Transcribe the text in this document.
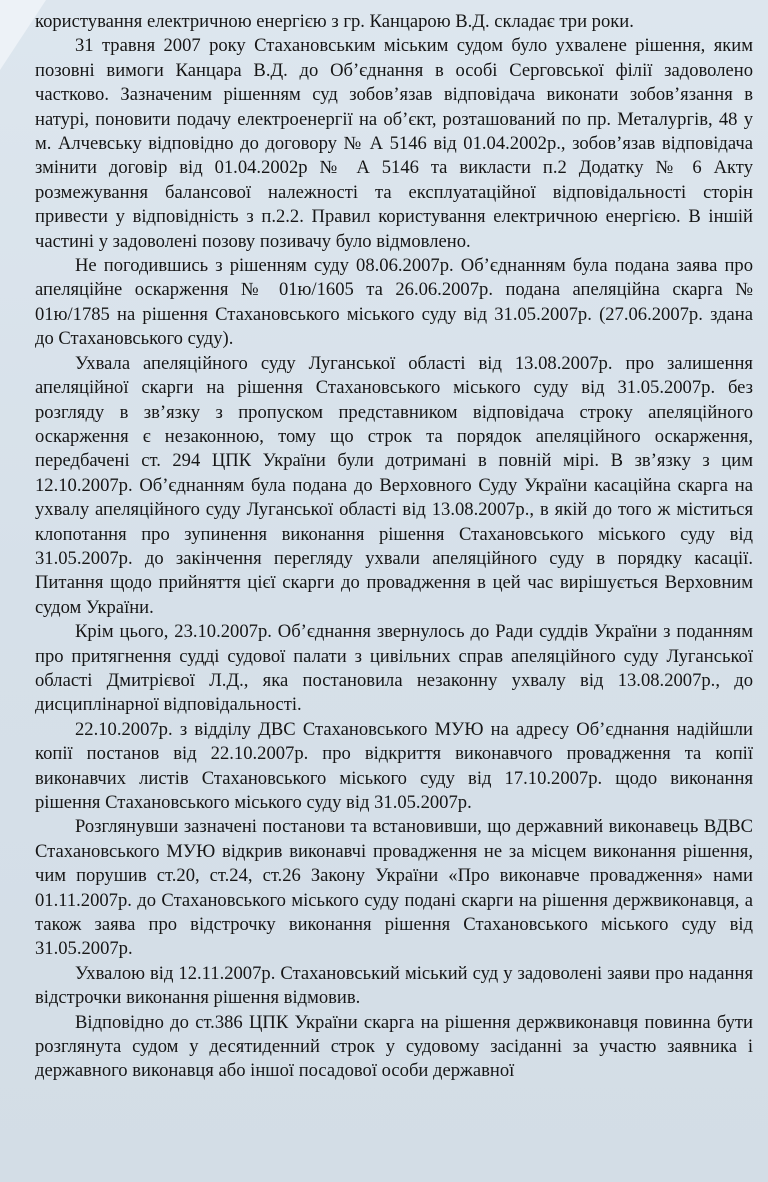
користування електричною енергією з гр. Канцарою В.Д. складає три роки.

31 травня 2007 року Стахановським міським судом було ухвалене рішення, яким позовні вимоги Канцара В.Д. до Об’єднання в особі Серговської філії задоволено частково. Зазначеним рішенням суд зобов’язав відповідача виконати зобов’язання в натурі, поновити подачу електроенергії на об’єкт, розташований по пр. Металургів, 48 у м. Алчевську відповідно до договору № А 5146 від 01.04.2002р., зобов’язав відповідача змінити договір від 01.04.2002р № А 5146 та викласти п.2 Додатку № 6 Акту розмежування балансової належності та експлуатаційної відповідальності сторін привести у відповідність з п.2.2. Правил користування електричною енергією. В іншій частині у задоволені позову позивачу було відмовлено.

Не погодившись з рішенням суду 08.06.2007р. Об’єднанням була подана заява про апеляційне оскарження № 01ю/1605 та 26.06.2007р. подана апеляційна скарга № 01ю/1785 на рішення Стахановського міського суду від 31.05.2007р. (27.06.2007р. здана до Стахановського суду).

Ухвала апеляційного суду Луганської області від 13.08.2007р. про залишення апеляційної скарги на рішення Стахановського міського суду від 31.05.2007р. без розгляду в зв’язку з пропуском представником відповідача строку апеляційного оскарження є незаконною, тому що строк та порядок апеляційного оскарження, передбачені ст. 294 ЦПК України були дотримані в повній мірі. В зв’язку з цим 12.10.2007р. Об’єднанням була подана до Верховного Суду України касаційна скарга на ухвалу апеляційного суду Луганської області від 13.08.2007р., в якій до того ж міститься клопотання про зупинення виконання рішення Стахановського міського суду від 31.05.2007р. до закінчення перегляду ухвали апеляційного суду в порядку касації. Питання щодо прийняття цієї скарги до провадження в цей час вирішується Верховним судом України.

Крім цього, 23.10.2007р. Об’єднання звернулось до Ради суддів України з поданням про притягнення судді судової палати з цивільних справ апеляційного суду Луганської області Дмитрієвої Л.Д., яка постановила незаконну ухвалу від 13.08.2007р., до дисциплінарної відповідальності.

22.10.2007р. з відділу ДВС Стахановського МУЮ на адресу Об’єднання надійшли копії постанов від 22.10.2007р. про відкриття виконавчого провадження та копії виконавчих листів Стахановського міського суду від 17.10.2007р. щодо виконання рішення Стахановського міського суду від 31.05.2007р.

Розглянувши зазначені постанови та встановивши, що державний виконавець ВДВС Стахановського МУЮ відкрив виконавчі провадження не за місцем виконання рішення, чим порушив ст.20, ст.24, ст.26 Закону України «Про виконавче провадження» нами 01.11.2007р. до Стахановського міського суду подані скарги на рішення держвиконавця, а також заява про відстрочку виконання рішення Стахановського міського суду від 31.05.2007р.

Ухвалою від 12.11.2007р. Стахановський міський суд у задоволені заяви про надання відстрочки виконання рішення відмовив.

Відповідно до ст.386 ЦПК України скарга на рішення держвиконавця повинна бути розглянута судом у десятиденний строк у судовому засіданні за участю заявника і державного виконавця або іншої посадової особи державної
